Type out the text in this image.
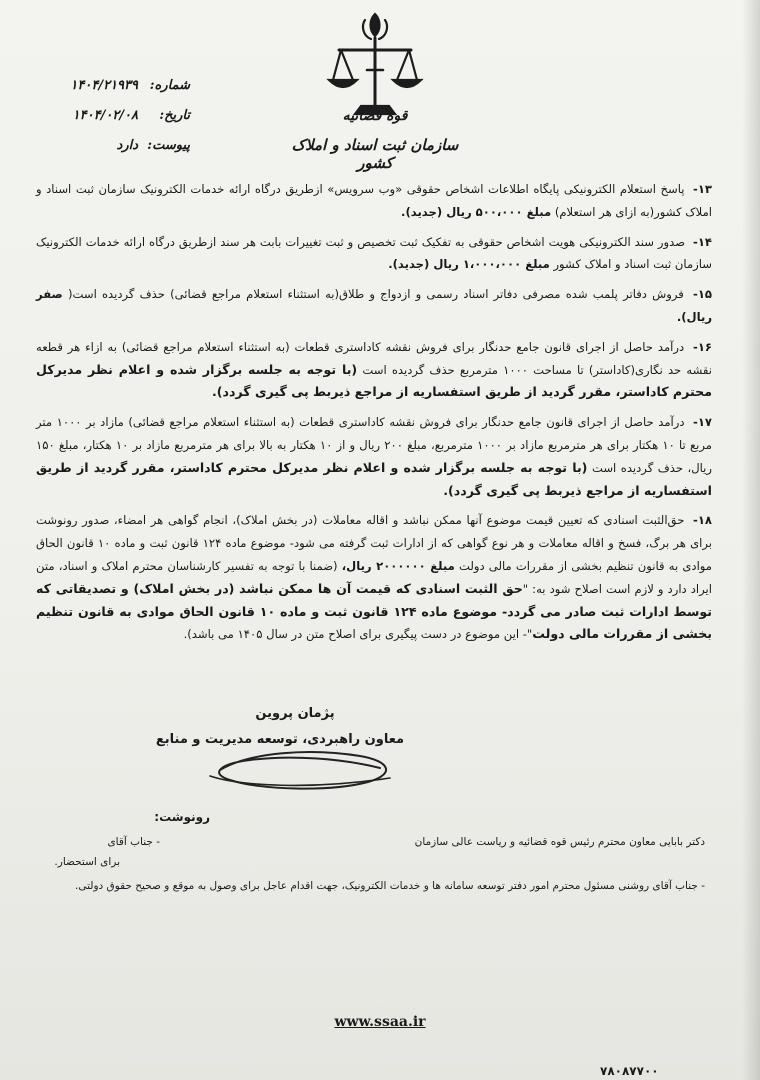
قوه قضائیه
سازمان ثبت اسناد و املاک کشور
شماره:
۱۴۰۴/۲۱۹۳۹
تاریخ:
۱۴۰۴/۰۲/۰۸
پیوست:
دارد

۱۳- پاسخ استعلام الکترونیکی پایگاه اطلاعات اشخاص حقوقی «وب سرویس» ازطریق درگاه ارائه خدمات الکترونیک سازمان ثبت اسناد و املاک کشور(به ازای هر استعلام) مبلغ ۵۰۰،۰۰۰ ریال (جدید).

۱۴- صدور سند الکترونیکی هویت اشخاص حقوقی به تفکیک ثبت تخصیص و ثبت تغییرات بابت هر سند ازطریق درگاه ارائه خدمات الکترونیک سازمان ثبت اسناد و املاک کشور مبلغ ۱،۰۰۰،۰۰۰ ریال (جدید).

۱۵- فروش دفاتر پلمب شده مصرفی دفاتر اسناد رسمی و ازدواج و طلاق(به استثناء استعلام مراجع قضائی) حذف گردیده است( صفر ریال).

۱۶- درآمد حاصل از اجرای قانون جامع حدنگار برای فروش نقشه کاداستری قطعات (به استثناء استعلام مراجع قضائی) به ازاء هر قطعه نقشه حد نگاری(کاداستر) تا مساحت ۱۰۰۰ مترمربع حذف گردیده است (با توجه به جلسه برگزار شده و اعلام نظر مدیرکل محترم کاداستر، مقرر گردید از طریق استفساریه از مراجع ذیربط پی گیری گردد).

۱۷- درآمد حاصل از اجرای قانون جامع حدنگار برای فروش نقشه کاداستری قطعات (به استثناء استعلام مراجع قضائی) مازاد بر ۱۰۰۰ متر مربع تا ۱۰ هکتار برای هر مترمربع مازاد بر ۱۰۰۰ مترمربع، مبلغ ۲۰۰ ریال و از ۱۰ هکتار به بالا برای هر مترمربع مازاد بر ۱۰ هکتار، مبلغ ۱۵۰ ریال، حذف گردیده است (با توجه به جلسه برگزار شده و اعلام نظر مدیرکل محترم کاداستر، مقرر گردید از طریق استفساریه از مراجع ذیربط پی گیری گردد).

۱۸- حق‌الثبت اسنادی که تعیین قیمت موضوع آنها ممکن نباشد و اقاله معاملات (در بخش املاک)، انجام گواهی هر امضاء، صدور رونوشت برای هر برگ، فسخ و اقاله معاملات و هر نوع گواهی که از ادارات ثبت گرفته می شود- موضوع ماده ۱۲۴ قانون ثبت و ماده ۱۰ قانون الحاق موادی به قانون تنظیم بخشی از مقررات مالی دولت مبلغ ۲۰۰۰۰۰۰ ریال، (ضمنا با توجه به تفسیر کارشناسان محترم املاک و اسناد، متن ایراد دارد و لازم است اصلاح شود به: "حق الثبت اسنادی که قیمت آن ها ممکن نباشد (در بخش املاک) و تصدیقاتی که توسط ادارات ثبت صادر می گردد- موضوع ماده ۱۲۴ قانون ثبت و ماده ۱۰ قانون الحاق موادی به قانون تنظیم بخشی از مقررات مالی دولت"- این موضوع در دست پیگیری برای اصلاح متن در سال ۱۴۰۵ می باشد).

پژمان پروین
معاون راهبردی، توسعه مدیریت و منابع
رونوشت:
دکتر بابایی معاون محترم رئیس قوه قضائیه و ریاست عالی سازمان
- جناب آقای
برای استحضار.
- جناب آقای روشنی مسئول محترم امور دفتر توسعه سامانه ها و خدمات الکترونیک، جهت اقدام عاجل برای وصول به موقع و صحیح حقوق دولتی.
www.ssaa.ir
۷۸۰۸۷۷۰۰
